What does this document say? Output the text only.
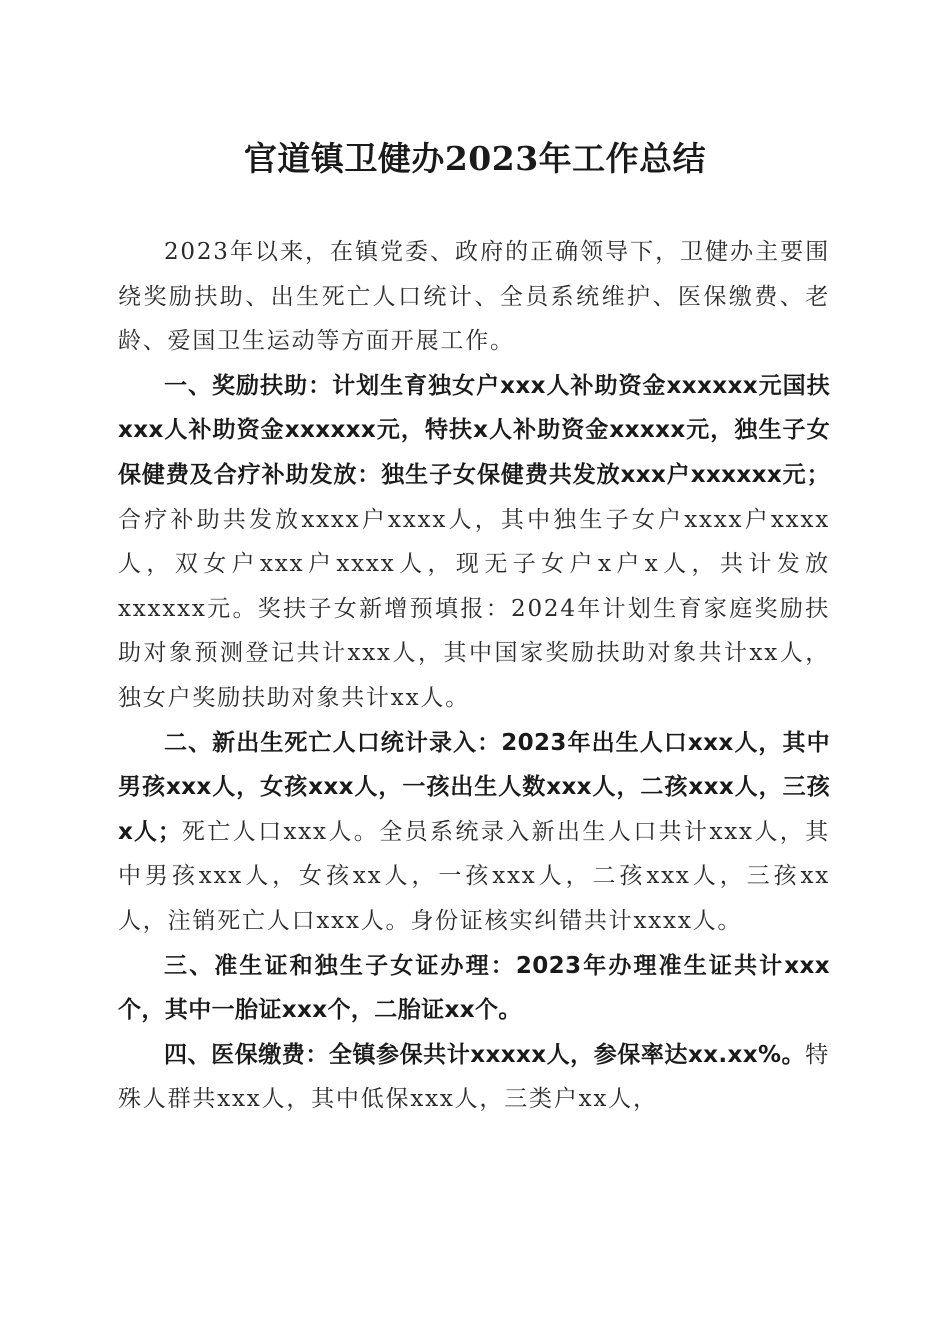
官道镇卫健办2023年工作总结

2023年以来，在镇党委、政府的正确领导下，卫健办主要围绕奖励扶助、出生死亡人口统计、全员系统维护、医保缴费、老龄、爱国卫生运动等方面开展工作。

一、奖励扶助：计划生育独女户xxx人补助资金xxxxxx元国扶xxx人补助资金xxxxxx元，特扶x人补助资金xxxxx元，独生子女保健费及合疗补助发放：独生子女保健费共发放xxx户xxxxxx元；合疗补助共发放xxxx户xxxx人，其中独生子女户xxxx户xxxx人，双女户xxx户xxxx人，现无子女户x户x人，共计发放xxxxxx元。奖扶子女新增预填报：2024年计划生育家庭奖励扶助对象预测登记共计xxx人，其中国家奖励扶助对象共计xx人，独女户奖励扶助对象共计xx人。

二、新出生死亡人口统计录入：2023年出生人口xxx人，其中男孩xxx人，女孩xxx人，一孩出生人数xxx人，二孩xxx人，三孩x人；死亡人口xxx人。全员系统录入新出生人口共计xxx人，其中男孩xxx人，女孩xx人，一孩xxx人，二孩xxx人，三孩xx人，注销死亡人口xxx人。身份证核实纠错共计xxxx人。

三、准生证和独生子女证办理：2023年办理准生证共计xxx个，其中一胎证xxx个，二胎证xx个。

四、医保缴费：全镇参保共计xxxxx人，参保率达xx.xx%。特殊人群共xxx人，其中低保xxx人，三类户xx人，
